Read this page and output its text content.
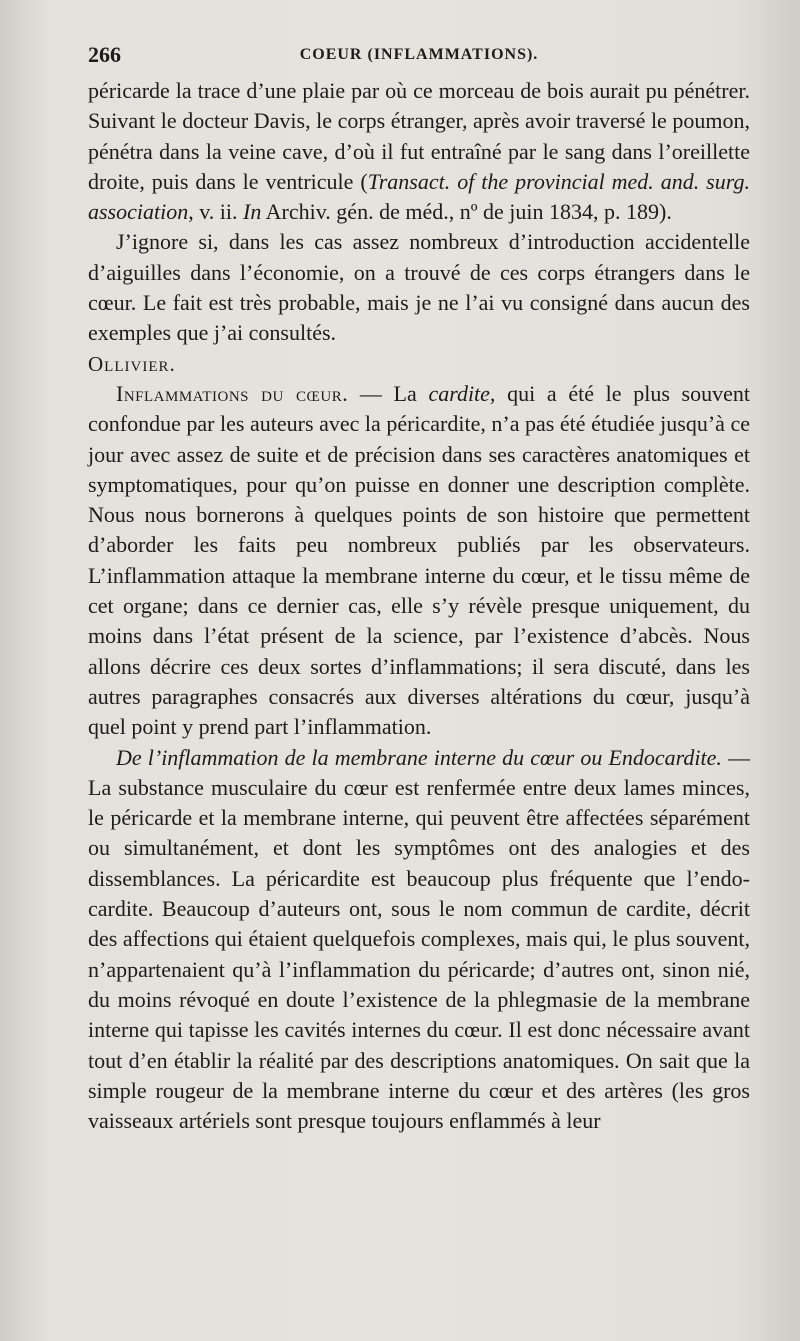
266	COEUR (INFLAMMATIONS).

péricarde la trace d’une plaie par où ce morceau de bois aurait pu pénétrer. Suivant le docteur Davis, le corps étranger, après avoir traversé le poumon, pénétra dans la veine cave, d’où il fut entraîné par le sang dans l’oreillette droite, puis dans le ventricule (Transact. of the provincial med. and. surg. association, v. ii. In Archiv. gén. de méd., nº de juin 1834, p. 189).

J’ignore si, dans les cas assez nombreux d’introduction accidentelle d’aiguilles dans l’économie, on a trouvé de ces corps étrangers dans le cœur. Le fait est très probable, mais je ne l’ai vu consigné dans aucun des exemples que j’ai consultés.

Ollivier.

Inflammations du cœur. — La cardite, qui a été le plus souvent confondue par les auteurs avec la péricardite, n’a pas été étudiée jusqu’à ce jour avec assez de suite et de précision dans ses caractères anatomiques et symptomatiques, pour qu’on puisse en donner une description complète. Nous nous bornerons à quelques points de son histoire que permettent d’aborder les faits peu nombreux publiés par les observateurs. L’inflammation attaque la membrane interne du cœur, et le tissu même de cet organe; dans ce dernier cas, elle s’y révèle presque uniquement, du moins dans l’état présent de la science, par l’existence d’abcès. Nous allons décrire ces deux sortes d’inflammations; il sera discuté, dans les autres paragraphes consacrés aux diverses altérations du cœur, jusqu’à quel point y prend part l’inflammation.

De l’inflammation de la membrane interne du cœur ou Endocardite. — La substance musculaire du cœur est renfermée entre deux lames minces, le péricarde et la membrane interne, qui peuvent être affectées séparément ou simultanément, et dont les symptômes ont des analogies et des dissemblances. La péricardite est beaucoup plus fréquente que l’endo-cardite. Beaucoup d’auteurs ont, sous le nom commun de cardite, décrit des affections qui étaient quelquefois complexes, mais qui, le plus souvent, n’appartenaient qu’à l’inflammation du péricarde; d’autres ont, sinon nié, du moins révoqué en doute l’existence de la phlegmasie de la membrane interne qui tapisse les cavités internes du cœur. Il est donc nécessaire avant tout d’en établir la réalité par des descriptions anatomiques. On sait que la simple rougeur de la membrane interne du cœur et des artères (les gros vaisseaux artériels sont presque toujours enflammés à leur
